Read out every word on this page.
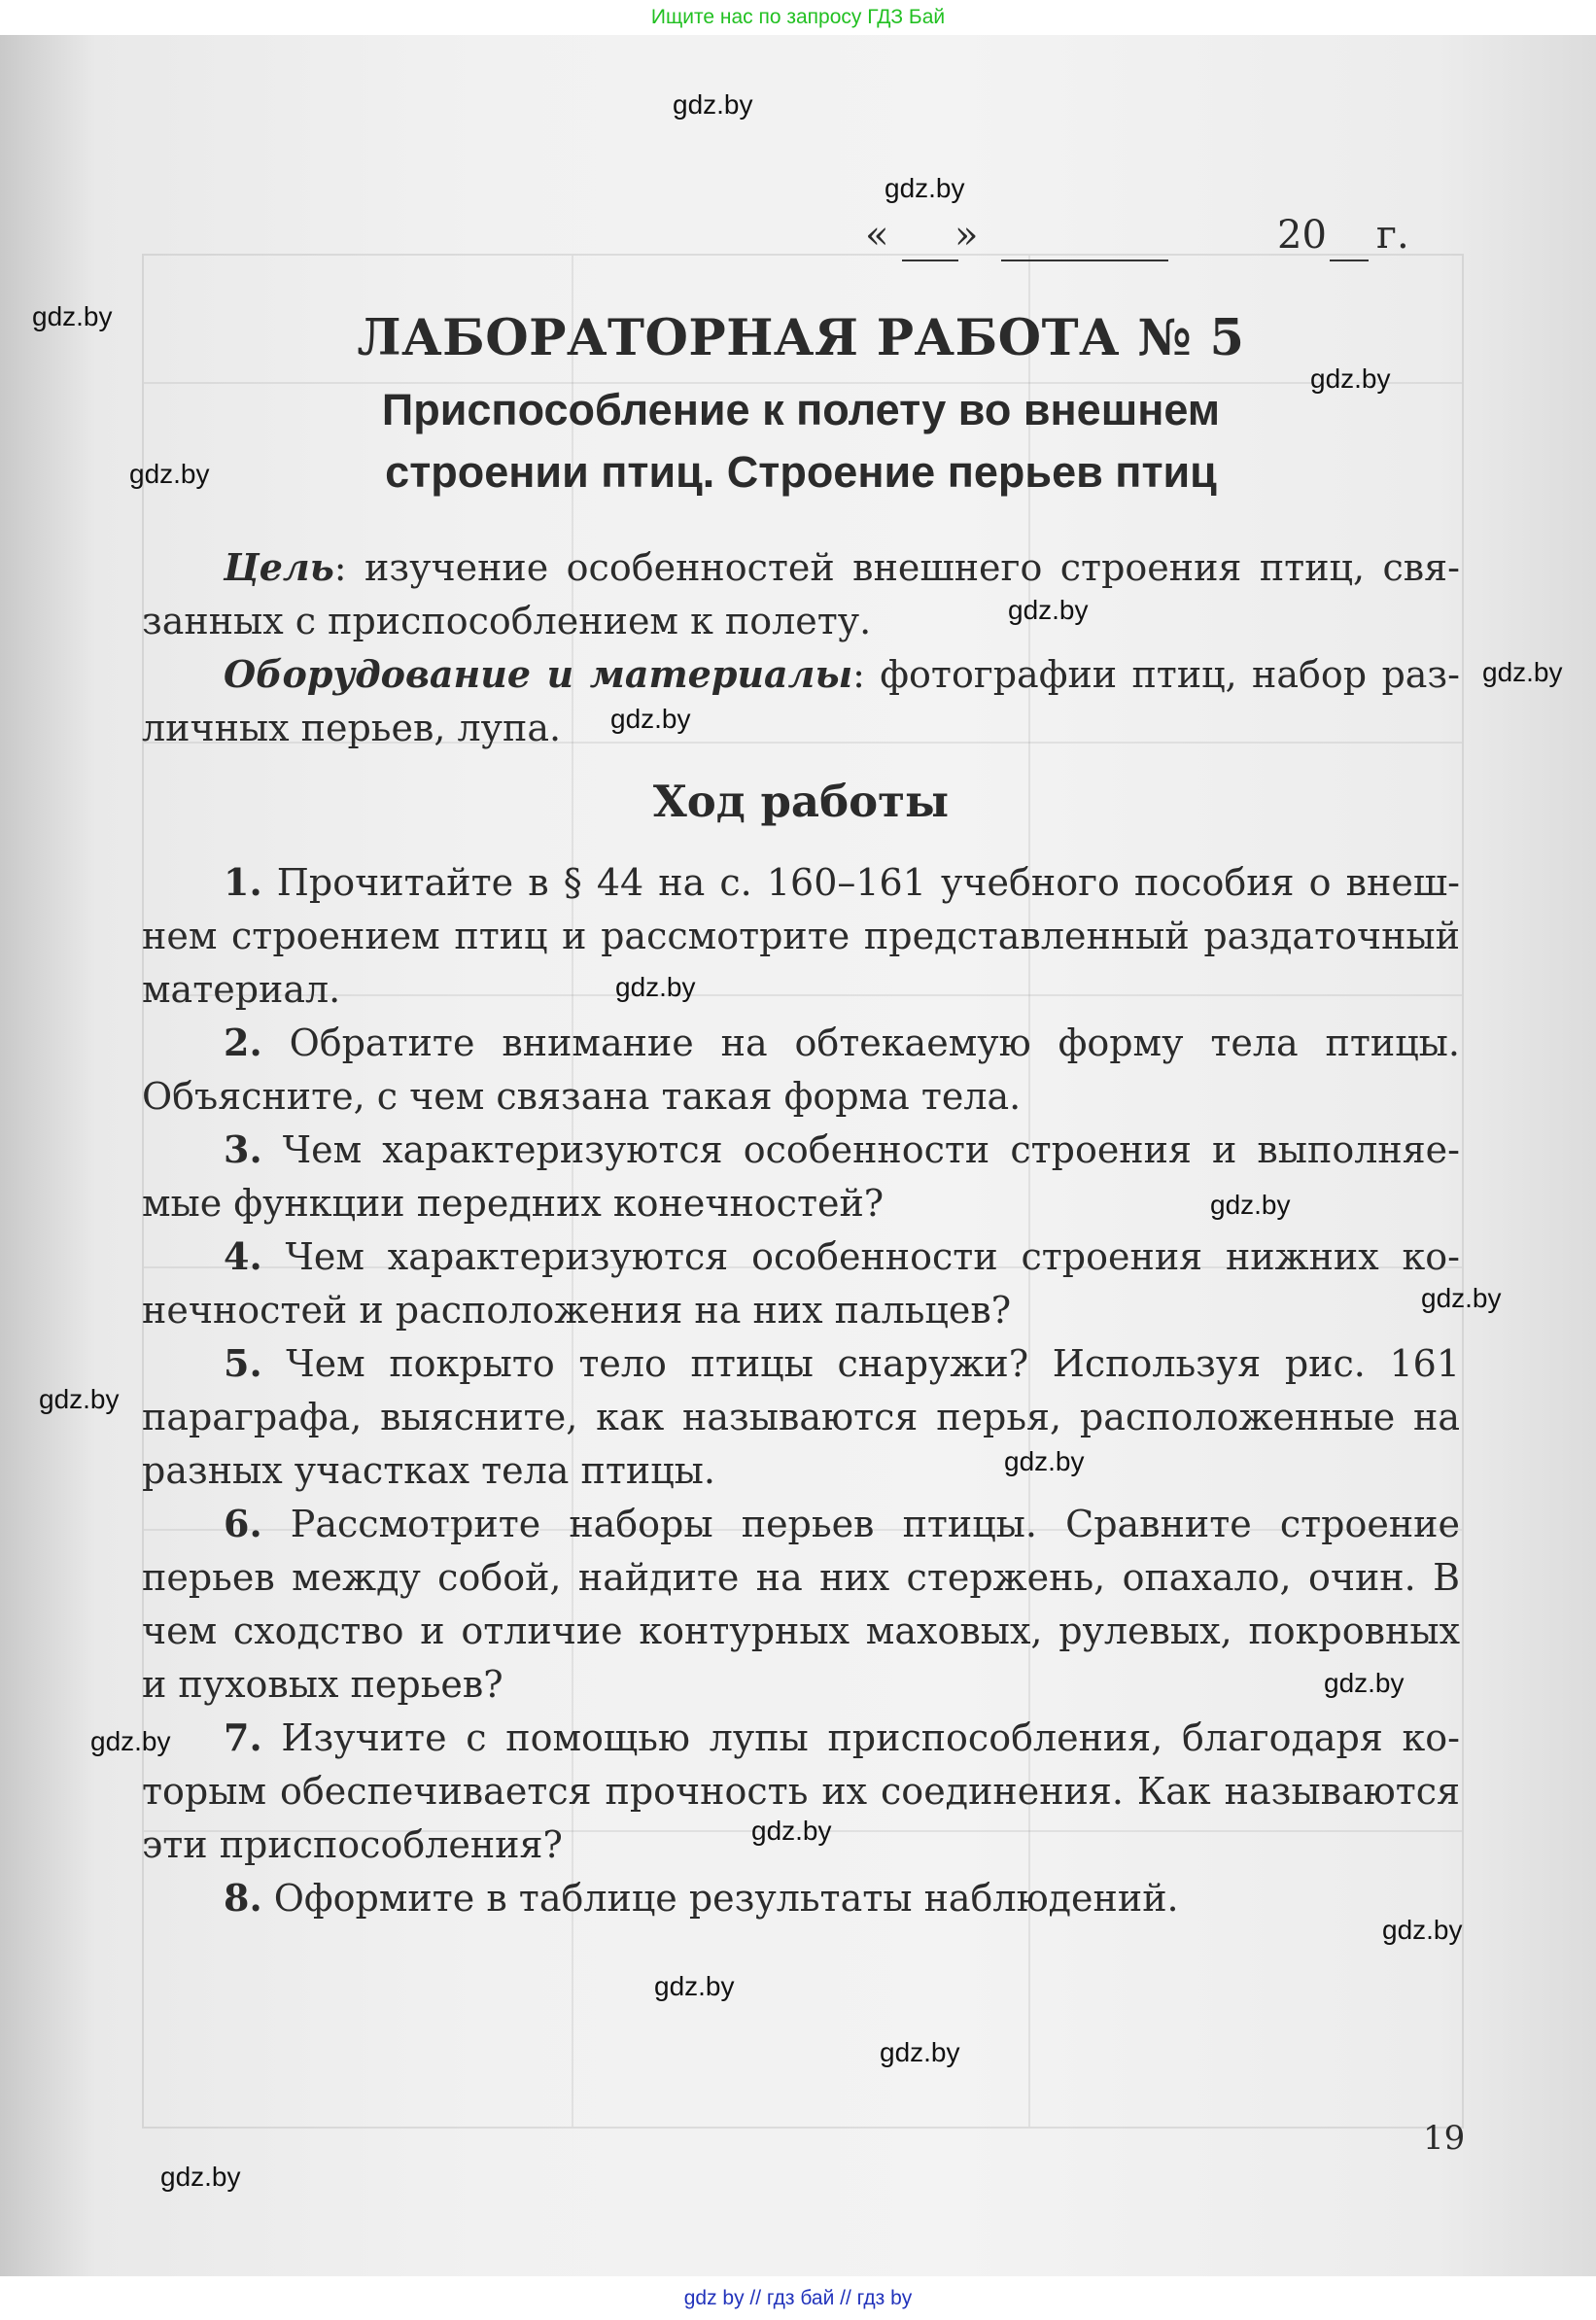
Ищите нас по запросу ГДЗ Бай
« »	20 г.
ЛАБОРАТОРНАЯ РАБОТА № 5
Приспособление к полету во внешнем
строении птиц. Строение перьев птиц
Цель: изучение особенностей внешнего строения птиц, связанных с приспособлением к полету.
Оборудование и материалы: фотографии птиц, набор различных перьев, лупа.
Ход работы
1. Прочитайте в § 44 на с. 160–161 учебного пособия о внешнем строением птиц и рассмотрите представленный раздаточный материал.
2. Обратите внимание на обтекаемую форму тела птицы. Объясните, с чем связана такая форма тела.
3. Чем характеризуются особенности строения и выполняемые функции передних конечностей?
4. Чем характеризуются особенности строения нижних конечностей и расположения на них пальцев?
5. Чем покрыто тело птицы снаружи? Используя рис. 161 параграфа, выясните, как называются перья, расположенные на разных участках тела птицы.
6. Рассмотрите наборы перьев птицы. Сравните строение перьев между собой, найдите на них стержень, опахало, очин. В чем сходство и отличие контурных маховых, рулевых, покровных и пуховых перьев?
7. Изучите с помощью лупы приспособления, благодаря которым обеспечивается прочность их соединения. Как называются эти приспособления?
8. Оформите в таблице результаты наблюдений.
19
gdz.by
gdz.by
gdz.by
gdz.by
gdz.by
gdz.by
gdz.by
gdz.by
gdz.by
gdz.by
gdz.by
gdz.by
gdz.by
gdz.by
gdz.by
gdz.by
gdz.by
gdz.by
gdz.by
gdz.by
gdz by // гдз бай // гдз by
